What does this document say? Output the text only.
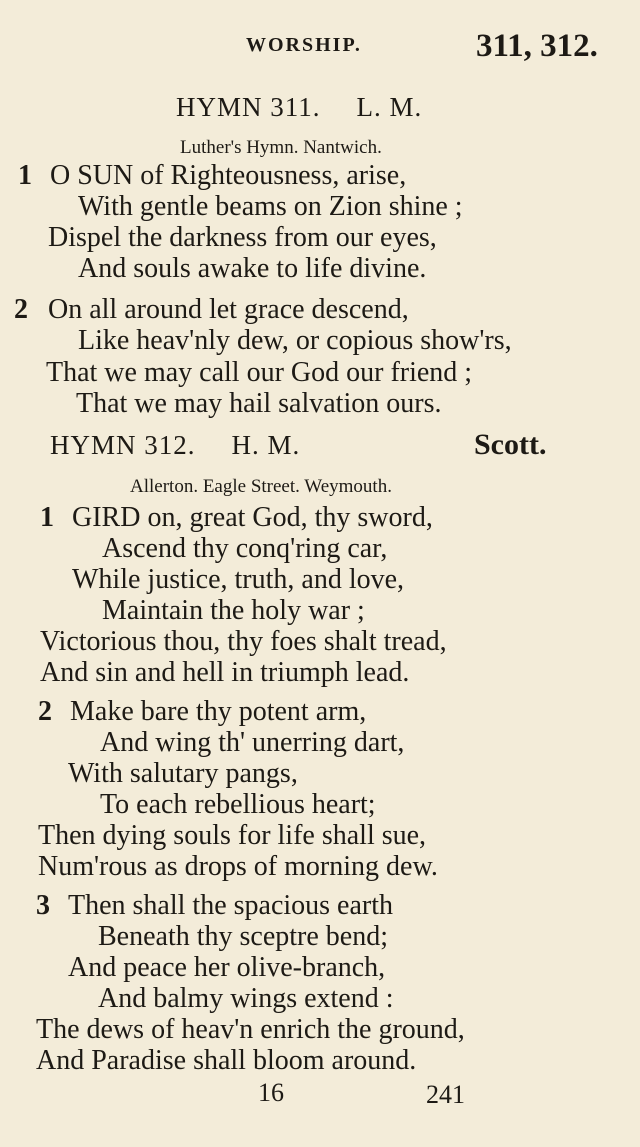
WORSHIP.	311, 312.
HYMN 311. L. M.
Luther's Hymn. Nantwich.
1 O SUN of Righteousness, arise,
With gentle beams on Zion shine ;
Dispel the darkness from our eyes,
And souls awake to life divine.
2 On all around let grace descend,
Like heav'nly dew, or copious show'rs,
That we may call our God our friend ;
That we may hail salvation ours.
HYMN 312. H. M.	Scott.
Allerton. Eagle Street. Weymouth.
1 GIRD on, great God, thy sword,
Ascend thy conq'ring car,
While justice, truth, and love,
Maintain the holy war ;
Victorious thou, thy foes shalt tread,
And sin and hell in triumph lead.
2 Make bare thy potent arm,
And wing th' unerring dart,
With salutary pangs,
To each rebellious heart;
Then dying souls for life shall sue,
Num'rous as drops of morning dew.
3 Then shall the spacious earth
Beneath thy sceptre bend;
And peace her olive-branch,
And balmy wings extend :
The dews of heav'n enrich the ground,
And Paradise shall bloom around.
16	241
